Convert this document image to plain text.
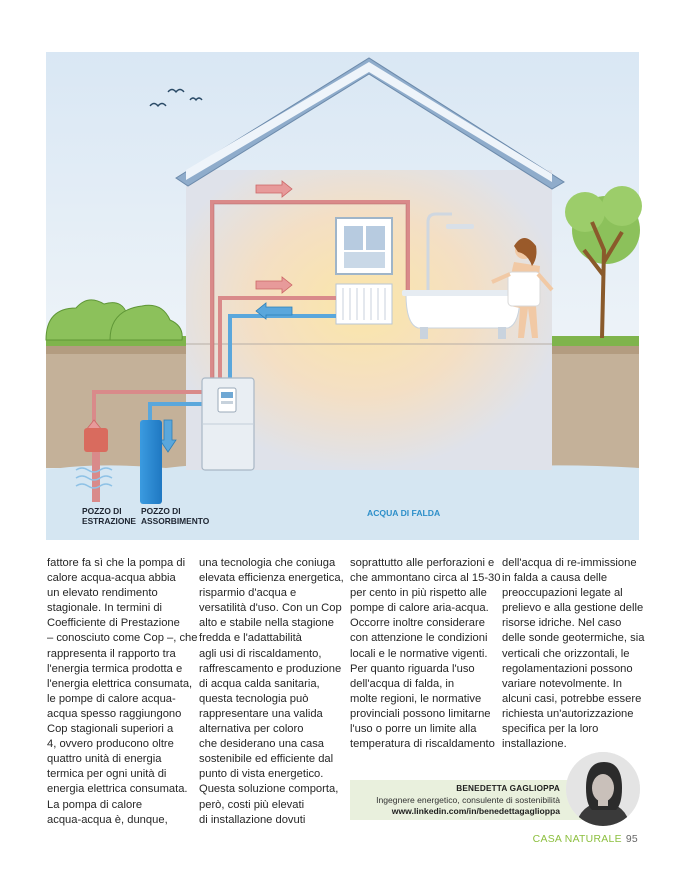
POZZO DI
ESTRAZIONE
POZZO DI
ASSORBIMENTO
ACQUA DI FALDA

fattore fa sì che la pompa di

calore acqua-acqua abbia

un elevato rendimento

stagionale. In termini di

Coefficiente di Prestazione

– conosciuto come Cop –, che

rappresenta il rapporto tra

l'energia termica prodotta e

l'energia elettrica consumata,

le pompe di calore acqua-

acqua spesso raggiungono

Cop stagionali superiori a

4, ovvero producono oltre

quattro unità di energia

termica per ogni unità di

energia elettrica consumata.

La pompa di calore

acqua-acqua è, dunque,

una tecnologia che coniuga

elevata efficienza energetica,

risparmio d'acqua e

versatilità d'uso. Con un Cop

alto e stabile nella stagione

fredda e l'adattabilità

agli usi di riscaldamento,

raffrescamento e produzione

di acqua calda sanitaria,

questa tecnologia può

rappresentare una valida

alternativa per coloro

che desiderano una casa

sostenibile ed efficiente dal

punto di vista energetico.

Questa soluzione comporta,

però, costi più elevati

di installazione dovuti

soprattutto alle perforazioni e

che ammontano circa al 15-30

per cento in più rispetto alle

pompe di calore aria-acqua.

Occorre inoltre considerare

con attenzione le condizioni

locali e le normative vigenti.

Per quanto riguarda l'uso

dell'acqua di falda, in

molte regioni, le normative

provinciali possono limitarne

l'uso o porre un limite alla

temperatura di riscaldamento

dell'acqua di re-immissione

in falda a causa delle

preoccupazioni legate al

prelievo e alla gestione delle

risorse idriche. Nel caso

delle sonde geotermiche, sia

verticali che orizzontali, le

regolamentazioni possono

variare notevolmente. In

alcuni casi, potrebbe essere

richiesta un'autorizzazione

specifica per la loro

installazione.

BENEDETTA GAGLIOPPA
Ingegnere energetico, consulente di sostenibilità
www.linkedin.com/in/benedettagaglioppa
CASA NATURALE 95
